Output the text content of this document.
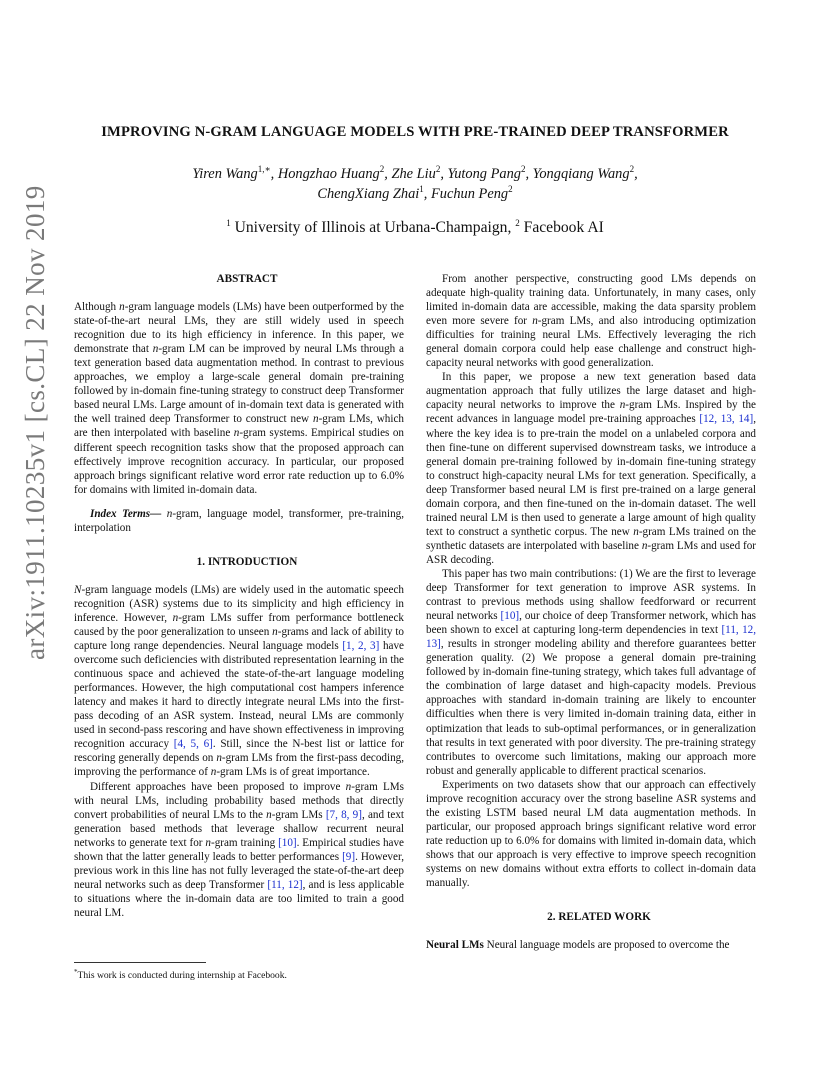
arXiv:1911.10235v1 [cs.CL] 22 Nov 2019
IMPROVING N-GRAM LANGUAGE MODELS WITH PRE-TRAINED DEEP TRANSFORMER
Yiren Wang$^{1,∗}$, Hongzhao Huang$^2$, Zhe Liu$^2$, Yutong Pang$^2$, Yongqiang Wang$^2$,
ChengXiang Zhai$^1$, Fuchun Peng$^2$
$^1$ University of Illinois at Urbana-Champaign, $^2$ Facebook AI

ABSTRACT

Although n-gram language models (LMs) have been outperformed by the state-of-the-art neural LMs, they are still widely used in speech recognition due to its high efficiency in inference. In this paper, we demonstrate that n-gram LM can be improved by neural LMs through a text generation based data augmentation method. In contrast to previous approaches, we employ a large-scale general domain pre-training followed by in-domain fine-tuning strategy to construct deep Transformer based neural LMs. Large amount of in-domain text data is generated with the well trained deep Transformer to construct new n-gram LMs, which are then interpolated with baseline n-gram systems. Empirical studies on different speech recognition tasks show that the proposed approach can effectively improve recognition accuracy. In particular, our proposed approach brings significant relative word error rate reduction up to 6.0% for domains with limited in-domain data.

Index Terms— n-gram, language model, transformer, pre-training, interpolation

1. INTRODUCTION

N-gram language models (LMs) are widely used in the automatic speech recognition (ASR) systems due to its simplicity and high efficiency in inference. However, n-gram LMs suffer from performance bottleneck caused by the poor generalization to unseen n-grams and lack of ability to capture long range dependencies. Neural language models [1, 2, 3] have overcome such deficiencies with distributed representation learning in the continuous space and achieved the state-of-the-art language modeling performances. However, the high computational cost hampers inference latency and makes it hard to directly integrate neural LMs into the first-pass decoding of an ASR system. Instead, neural LMs are commonly used in second-pass rescoring and have shown effectiveness in improving recognition accuracy [4, 5, 6]. Still, since the N-best list or lattice for rescoring generally depends on n-gram LMs from the first-pass decoding, improving the performance of n-gram LMs is of great importance.

Different approaches have been proposed to improve n-gram LMs with neural LMs, including probability based methods that directly convert probabilities of neural LMs to the n-gram LMs [7, 8, 9], and text generation based methods that leverage shallow recurrent neural networks to generate text for n-gram training [10]. Empirical studies have shown that the latter generally leads to better performances [9]. However, previous work in this line has not fully leveraged the state-of-the-art deep neural networks such as deep Transformer [11, 12], and is less applicable to situations where the in-domain data are too limited to train a good neural LM.

From another perspective, constructing good LMs depends on adequate high-quality training data. Unfortunately, in many cases, only limited in-domain data are accessible, making the data sparsity problem even more severe for n-gram LMs, and also introducing optimization difficulties for training neural LMs. Effectively leveraging the rich general domain corpora could help ease challenge and construct high-capacity neural networks with good generalization.

In this paper, we propose a new text generation based data augmentation approach that fully utilizes the large dataset and high-capacity neural networks to improve the n-gram LMs. Inspired by the recent advances in language model pre-training approaches [12, 13, 14], where the key idea is to pre-train the model on a unlabeled corpora and then fine-tune on different supervised downstream tasks, we introduce a general domain pre-training followed by in-domain fine-tuning strategy to construct high-capacity neural LMs for text generation. Specifically, a deep Transformer based neural LM is first pre-trained on a large general domain corpora, and then fine-tuned on the in-domain dataset. The well trained neural LM is then used to generate a large amount of high quality text to construct a synthetic corpus. The new n-gram LMs trained on the synthetic datasets are interpolated with baseline n-gram LMs and used for ASR decoding.

This paper has two main contributions: (1) We are the first to leverage deep Transformer for text generation to improve ASR systems. In contrast to previous methods using shallow feedforward or recurrent neural networks [10], our choice of deep Transformer network, which has been shown to excel at capturing long-term dependencies in text [11, 12, 13], results in stronger modeling ability and therefore guarantees better generation quality. (2) We propose a general domain pre-training followed by in-domain fine-tuning strategy, which takes full advantage of the combination of large dataset and high-capacity models. Previous approaches with standard in-domain training are likely to encounter difficulties when there is very limited in-domain training data, either in optimization that leads to sub-optimal performances, or in generalization that results in text generated with poor diversity. The pre-training strategy contributes to overcome such limitations, making our approach more robust and generally applicable to different practical scenarios.

Experiments on two datasets show that our approach can effectively improve recognition accuracy over the strong baseline ASR systems and the existing LSTM based neural LM data augmentation methods. In particular, our proposed approach brings significant relative word error rate reduction up to 6.0% for domains with limited in-domain data, which shows that our approach is very effective to improve speech recognition systems on new domains without extra efforts to collect in-domain data manually.

2. RELATED WORK

Neural LMs Neural language models are proposed to overcome the

*This work is conducted during internship at Facebook.
